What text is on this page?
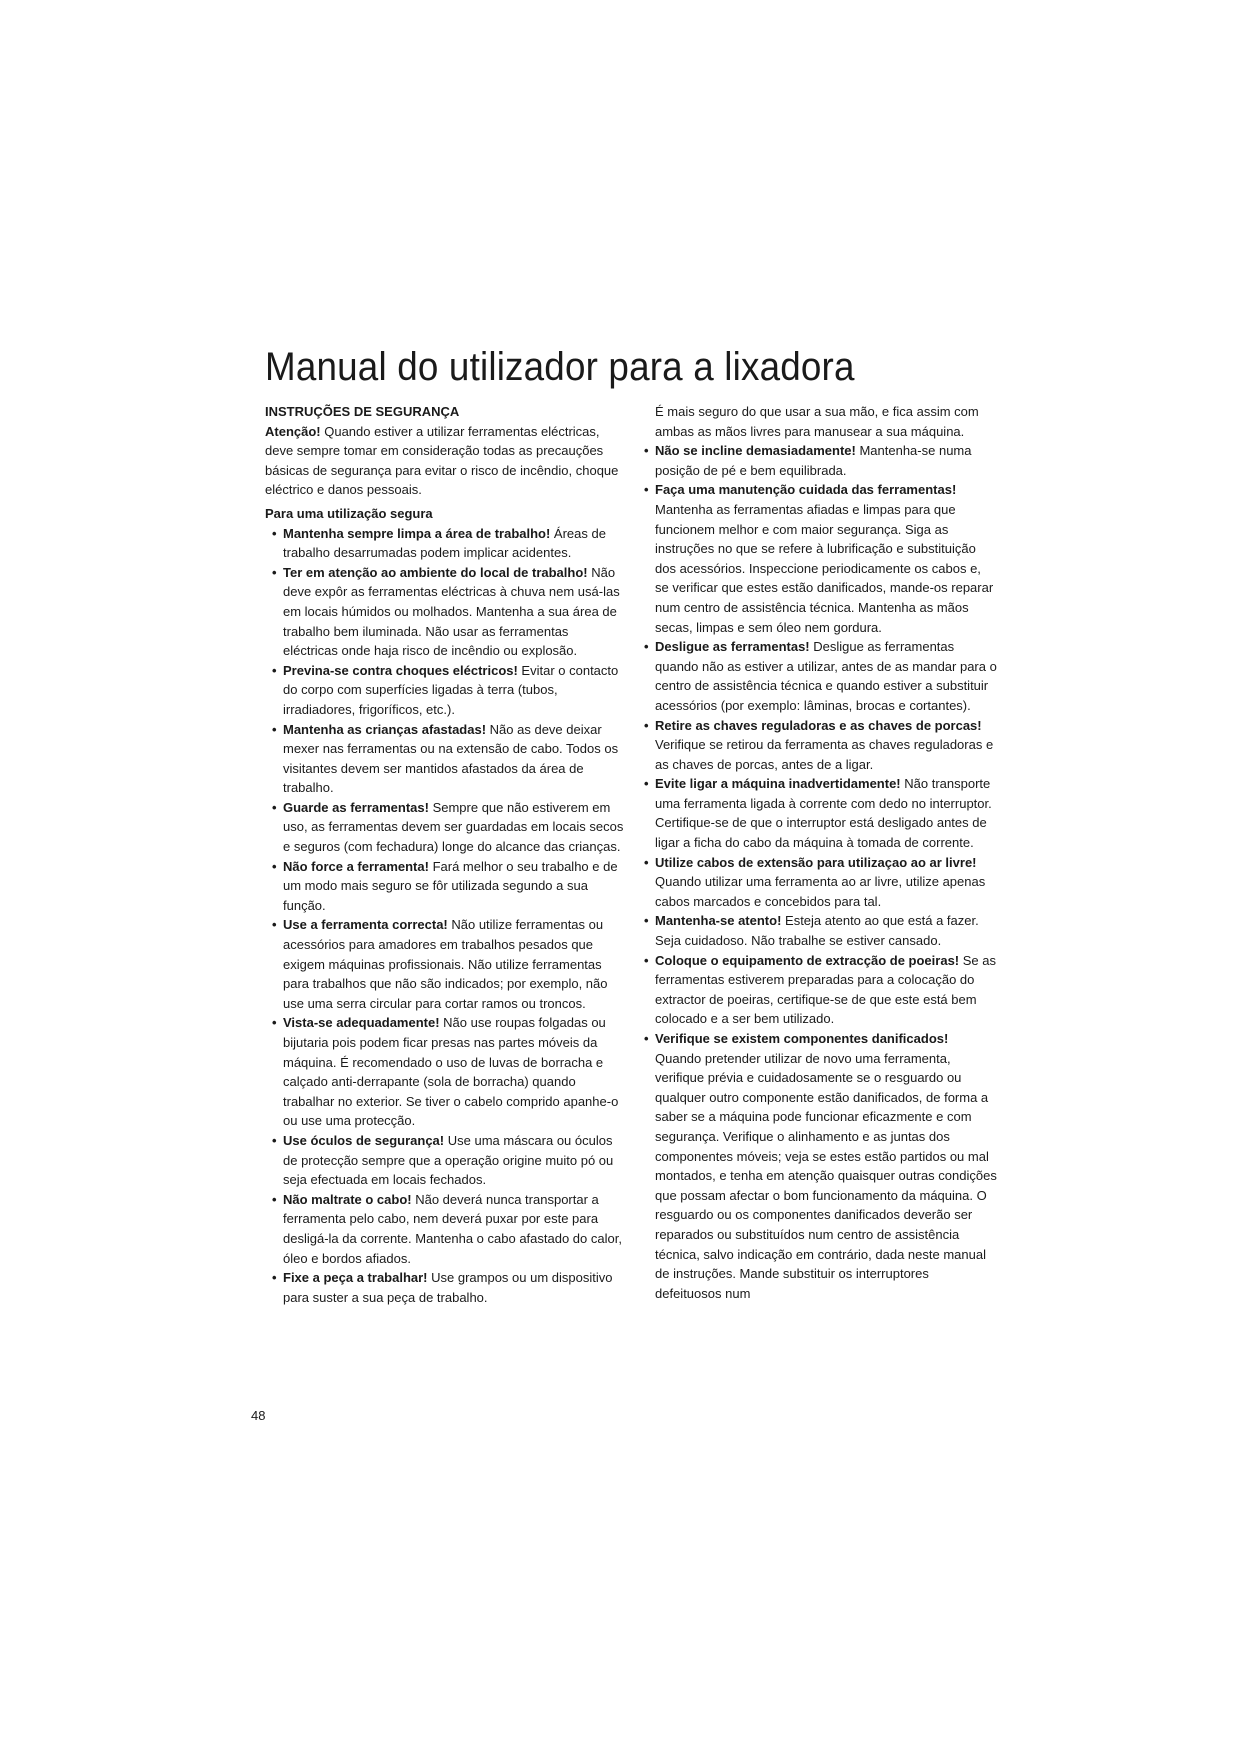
Manual do utilizador para a lixadora

INSTRUÇÕES DE SEGURANÇA

Atenção! Quando estiver a utilizar ferramentas eléctricas, deve sempre tomar em consideração todas as precauções básicas de segurança para evitar o risco de incêndio, choque eléctrico e danos pessoais.

Para uma utilização segura

• Mantenha sempre limpa a área de trabalho! Áreas de trabalho desarrumadas podem implicar acidentes.

• Ter em atenção ao ambiente do local de trabalho! Não deve expôr as ferramentas eléctricas à chuva nem usá-las em locais húmidos ou molhados. Mantenha a sua área de trabalho bem iluminada. Não usar as ferramentas eléctricas onde haja risco de incêndio ou explosão.

• Previna-se contra choques eléctricos! Evitar o contacto do corpo com superfícies ligadas à terra (tubos, irradiadores, frigoríficos, etc.).

• Mantenha as crianças afastadas! Não as deve deixar mexer nas ferramentas ou na extensão de cabo. Todos os visitantes devem ser mantidos afastados da área de trabalho.

• Guarde as ferramentas! Sempre que não estiverem em uso, as ferramentas devem ser guardadas em locais secos e seguros (com fechadura) longe do alcance das crianças.

• Não force a ferramenta! Fará melhor o seu trabalho e de um modo mais seguro se fôr utilizada segundo a sua função.

• Use a ferramenta correcta! Não utilize ferramentas ou acessórios para amadores em trabalhos pesados que exigem máquinas profissionais. Não utilize ferramentas para trabalhos que não são indicados; por exemplo, não use uma serra circular para cortar ramos ou troncos.

• Vista-se adequadamente! Não use roupas folgadas ou bijutaria pois podem ficar presas nas partes móveis da máquina. É recomendado o uso de luvas de borracha e calçado anti-derrapante (sola de borracha) quando trabalhar no exterior. Se tiver o cabelo comprido apanhe-o ou use uma protecção.

• Use óculos de segurança! Use uma máscara ou óculos de protecção sempre que a operação origine muito pó ou seja efectuada em locais fechados.

• Não maltrate o cabo! Não deverá nunca transportar a ferramenta pelo cabo, nem deverá puxar por este para desligá-la da corrente. Mantenha o cabo afastado do calor, óleo e bordos afiados.

• Fixe a peça a trabalhar! Use grampos ou um dispositivo para suster a sua peça de trabalho.

É mais seguro do que usar a sua mão, e fica assim com ambas as mãos livres para manusear a sua máquina.

• Não se incline demasiadamente! Mantenha-se numa posição de pé e bem equilibrada.

• Faça uma manutenção cuidada das ferramentas! Mantenha as ferramentas afiadas e limpas para que funcionem melhor e com maior segurança. Siga as instruções no que se refere à lubrificação e substituição dos acessórios. Inspeccione periodicamente os cabos e, se verificar que estes estão danificados, mande-os reparar num centro de assistência técnica. Mantenha as mãos secas, limpas e sem óleo nem gordura.

• Desligue as ferramentas! Desligue as ferramentas quando não as estiver a utilizar, antes de as mandar para o centro de assistência técnica e quando estiver a substituir acessórios (por exemplo: lâminas, brocas e cortantes).

• Retire as chaves reguladoras e as chaves de porcas! Verifique se retirou da ferramenta as chaves reguladoras e as chaves de porcas, antes de a ligar.

• Evite ligar a máquina inadvertidamente! Não transporte uma ferramenta ligada à corrente com dedo no interruptor. Certifique-se de que o interruptor está desligado antes de ligar a ficha do cabo da máquina à tomada de corrente.

• Utilize cabos de extensão para utilizaçao ao ar livre! Quando utilizar uma ferramenta ao ar livre, utilize apenas cabos marcados e concebidos para tal.

• Mantenha-se atento! Esteja atento ao que está a fazer. Seja cuidadoso. Não trabalhe se estiver cansado.

• Coloque o equipamento de extracção de poeiras! Se as ferramentas estiverem preparadas para a colocação do extractor de poeiras, certifique-se de que este está bem colocado e a ser bem utilizado.

• Verifique se existem componentes danificados! Quando pretender utilizar de novo uma ferramenta, verifique prévia e cuidadosamente se o resguardo ou qualquer outro componente estão danificados, de forma a saber se a máquina pode funcionar eficazmente e com segurança. Verifique o alinhamento e as juntas dos componentes móveis; veja se estes estão partidos ou mal montados, e tenha em atenção quaisquer outras condições que possam afectar o bom funcionamento da máquina. O resguardo ou os componentes danificados deverão ser reparados ou substituídos num centro de assistência técnica, salvo indicação em contrário, dada neste manual de instruções. Mande substituir os interruptores defeituosos num

48
